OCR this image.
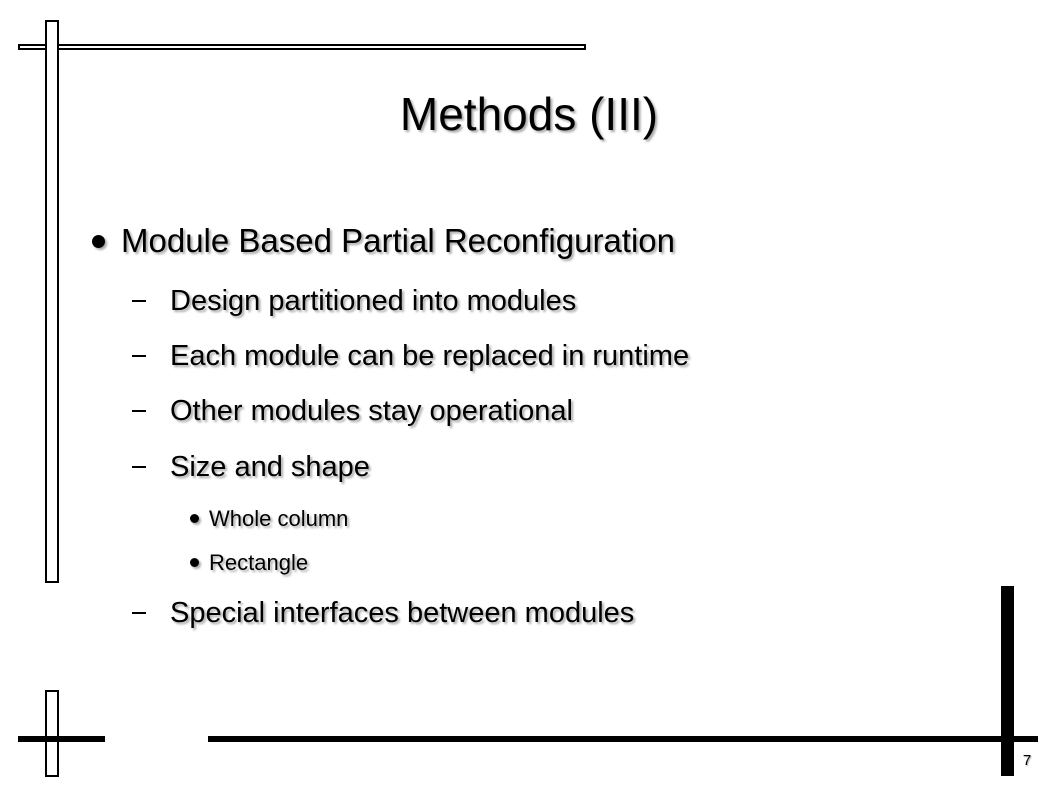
Methods (III)
Module Based Partial Reconfiguration
Design partitioned into modules
Each module can be replaced in runtime
Other modules stay operational
Size and shape
Whole column
Rectangle
Special interfaces between modules
7
